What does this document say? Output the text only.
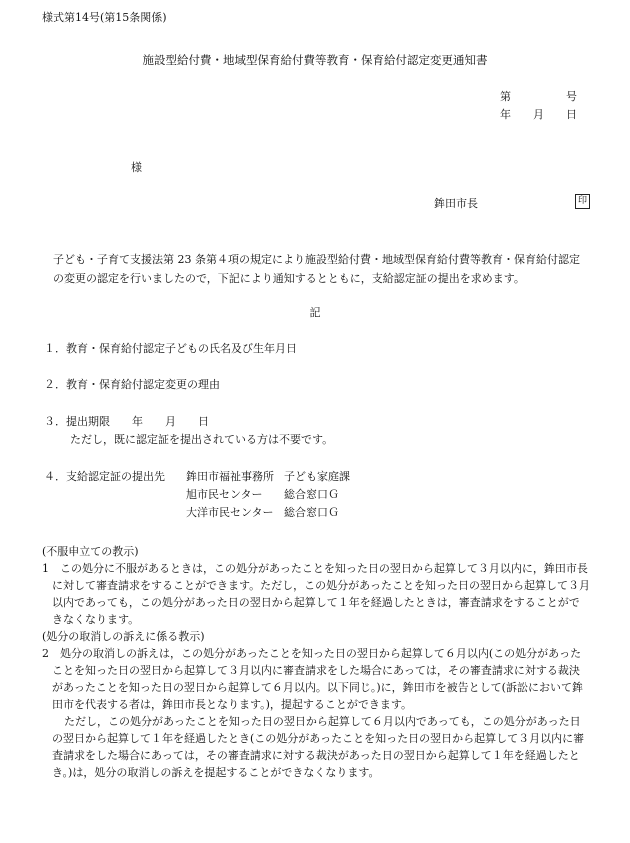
様式第14号(第15条関係)
施設型給付費・地域型保育給付費等教育・保育給付認定変更通知書
第	号
年 月 日
様
鉾田市長	印
子ども・子育て支援法第 23 条第４項の規定により施設型給付費・地域型保育給付費等教育・保育給付認定の変更の認定を行いましたので，下記により通知するとともに，支給認定証の提出を求めます。
記
１．教育・保育給付認定子どもの氏名及び生年月日
２．教育・保育給付認定変更の理由
３．提出期限　　年　　月　　日
ただし，既に認定証を提出されている方は不要です。
４．支給認定証の提出先 鉾田市福祉事務所 子ども家庭課
旭市民センター 総合窓口Ｇ
大洋市民センター 総合窓口Ｇ

(不服申立ての教示)

1　この処分に不服があるときは，この処分があったことを知った日の翌日から起算して３月以内に，鉾田市長に対して審査請求をすることができます。ただし，この処分があったことを知った日の翌日から起算して３月以内であっても，この処分があった日の翌日から起算して１年を経過したときは，審査請求をすることができなくなります。

(処分の取消しの訴えに係る教示)

2　処分の取消しの訴えは，この処分があったことを知った日の翌日から起算して６月以内(この処分があったことを知った日の翌日から起算して３月以内に審査請求をした場合にあっては，その審査請求に対する裁決があったことを知った日の翌日から起算して６月以内。以下同じ。)に，鉾田市を被告として(訴訟において鉾田市を代表する者は，鉾田市長となります。)，提起することができます。

ただし，この処分があったことを知った日の翌日から起算して６月以内であっても，この処分があった日の翌日から起算して１年を経過したとき(この処分があったことを知った日の翌日から起算して３月以内に審査請求をした場合にあっては，その審査請求に対する裁決があった日の翌日から起算して１年を経過したとき。)は，処分の取消しの訴えを提起することができなくなります。
